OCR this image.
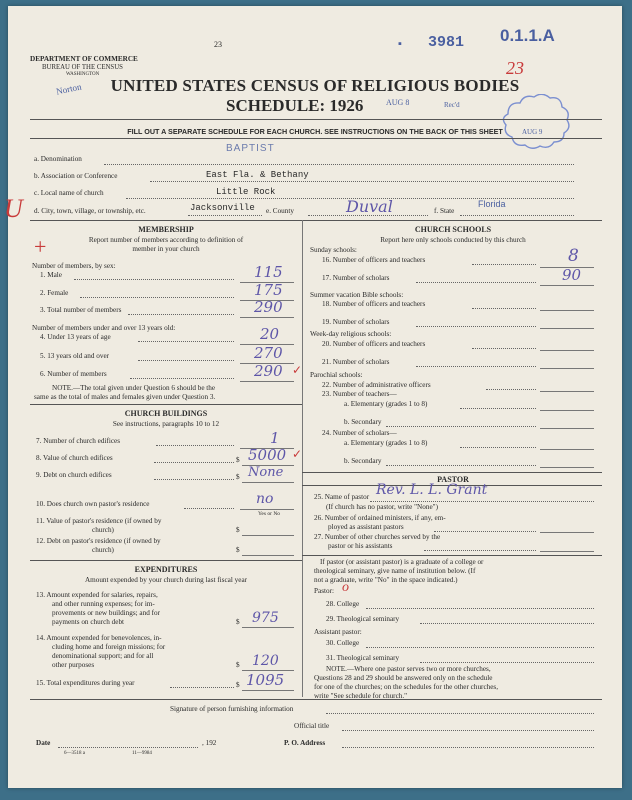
DEPARTMENT OF COMMERCE
BUREAU OF THE CENSUS
WASHINGTON
23	▪ 3981 0.1.1.A
23
Norton	UNITED STATES CENSUS OF RELIGIOUS BODIES
SCHEDULE: 1926	AUG 8	Rec'd
AUG 9
FILL OUT A SEPARATE SCHEDULE FOR EACH CHURCH. SEE INSTRUCTIONS ON THE BACK OF THIS SHEET
a. Denomination
BAPTIST
b. Association or Conference	East Fla. & Bethany
c. Local name of church	Little Rock
d. City, town, village, or township, etc.	Jacksonville e. County	Duval	f. State
Florida
U
+
MEMBERSHIP
Report number of members according to definition of
member in your church
Number of members, by sex:
1. Male	115
2. Female	175
3. Total number of members	290
Number of members under and over 13 years old:
4. Under 13 years of age	20
5. 13 years old and over	270
6. Number of members	290 ✓
NOTE.—The total given under Question 6 should be the
same as the total of males and females given under Question 3.
CHURCH BUILDINGS
See instructions, paragraphs 10 to 12
7. Number of church edifices	1
8. Value of church edifices	$ 5000 ✓
9. Debt on church edifices	$ None
10. Does church own pastor's residence	no
Yes or No
11. Value of pastor's residence (if owned by
church)	$
12. Debt on pastor's residence (if owned by
church)	$
EXPENDITURES
Amount expended by your church during last fiscal year
13. Amount expended for salaries, repairs,
and other running expenses; for im-
provements or new buildings; and for
payments on church debt	$ 975
14. Amount expended for benevolences, in-
cluding home and foreign missions; for
denominational support; and for all
other purposes	$ 120
15. Total expenditures during year	$ 1095
CHURCH SCHOOLS
Report here only schools conducted by this church
Sunday schools:
16. Number of officers and teachers	8
17. Number of scholars	90
Summer vacation Bible schools:
18. Number of officers and teachers
19. Number of scholars
Week-day religious schools:
20. Number of officers and teachers
21. Number of scholars
Parochial schools:
22. Number of administrative officers
23. Number of teachers—
a. Elementary (grades 1 to 8)
b. Secondary
24. Number of scholars—
a. Elementary (grades 1 to 8)
b. Secondary
PASTOR
25. Name of pastor Rev. L. L. Grant
(If church has no pastor, write "None")
26. Number of ordained ministers, if any, em-
ployed as assistant pastors
27. Number of other churches served by the
pastor or his assistants
If pastor (or assistant pastor) is a graduate of a college or
theological seminary, give name of institution below. (If
not a graduate, write "No" in the space indicated.)
Pastor: o
28. College
29. Theological seminary
Assistant pastor:
30. College
31. Theological seminary
NOTE.—Where one pastor serves two or more churches,
Questions 28 and 29 should be answered only on the schedule
for one of the churches; on the schedules for the other churches,
write "See schedule for church."
Signature of person furnishing information
Official title
Date	, 192	P. O. Address
6—3518 a	11—9984
